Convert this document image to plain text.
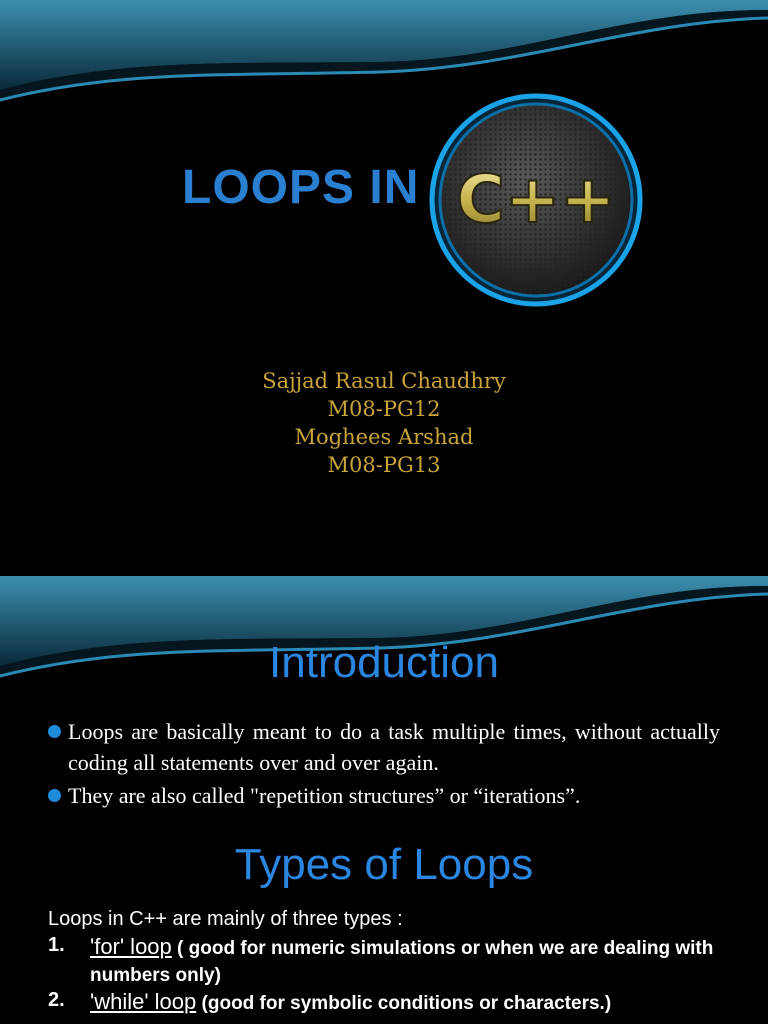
LOOPS IN C++
Sajjad Rasul Chaudhry
M08-PG12
Moghees Arshad
M08-PG13
Introduction
Loops are basically meant to do a task multiple times, without actually coding all statements over and over again.
They are also called "repetition structures” or “iterations”.
Types of Loops
Loops in C++ are mainly of three types :
1. 'for' loop ( good for numeric simulations or when we are dealing with numbers only)
2. 'while' loop (good for symbolic conditions or characters.)
